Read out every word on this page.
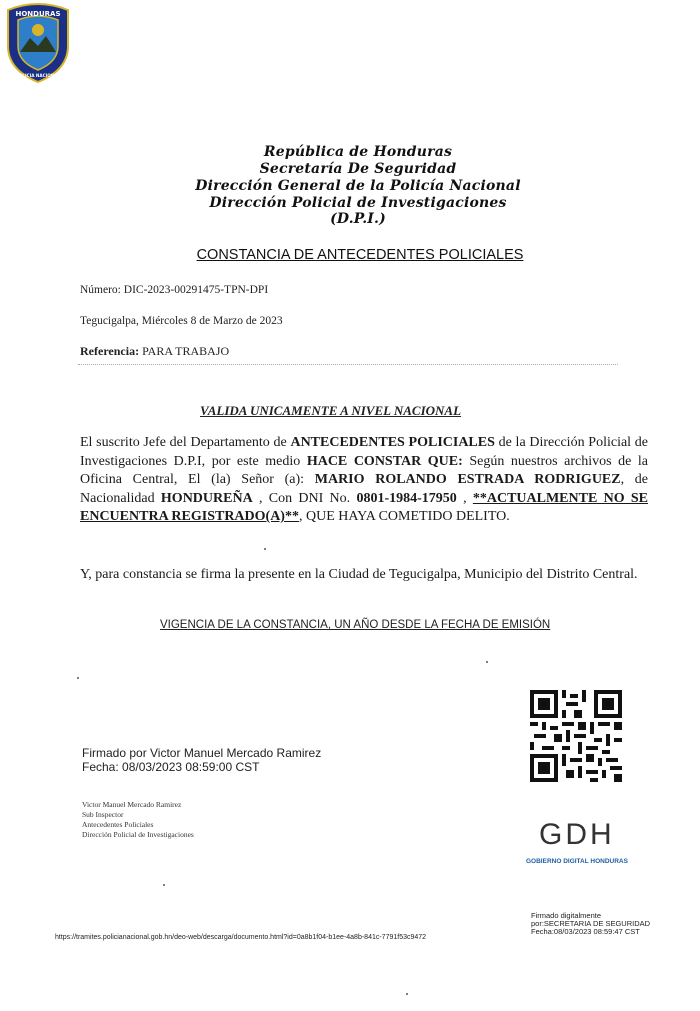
HONDURAS
POLICIA NACIONAL
República de Honduras
Secretaría De Seguridad
Dirección General de la Policía Nacional
Dirección Policial de Investigaciones
(D.P.I.)
CONSTANCIA DE ANTECEDENTES POLICIALES
Número: DIC-2023-00291475-TPN-DPI
Tegucigalpa, Miércoles 8 de Marzo de 2023
Referencia: PARA TRABAJO
VALIDA UNICAMENTE A NIVEL NACIONAL
El suscrito Jefe del Departamento de ANTECEDENTES POLICIALES de la Dirección Policial de Investigaciones D.P.I, por este medio HACE CONSTAR QUE: Según nuestros archivos de la Oficina Central, El (la) Señor (a): MARIO ROLANDO ESTRADA RODRIGUEZ, de Nacionalidad HONDUREÑA , Con DNI No. 0801-1984-17950 , **ACTUALMENTE NO SE ENCUENTRA REGISTRADO(A)**, QUE HAYA COMETIDO DELITO.
Y, para constancia se firma la presente en la Ciudad de Tegucigalpa, Municipio del Distrito Central.
VIGENCIA DE LA CONSTANCIA, UN AÑO DESDE LA FECHA DE EMISIÓN
Firmado por Victor Manuel Mercado Ramirez
Fecha: 08/03/2023 08:59:00 CST
Victor Manuel Mercado Ramirez
Sub Inspector
Antecedentes Policiales
Dirección Policial de Investigaciones	GDH
GOBIERNO DIGITAL HONDURAS
https://tramites.policianacional.gob.hn/deo-web/descarga/documento.html?id=0a8b1f04-b1ee-4a8b-841c-7791f53c9472
Firmado digitalmente
por:SECRETARIA DE SEGURIDAD
Fecha:08/03/2023 08:59:47 CST
